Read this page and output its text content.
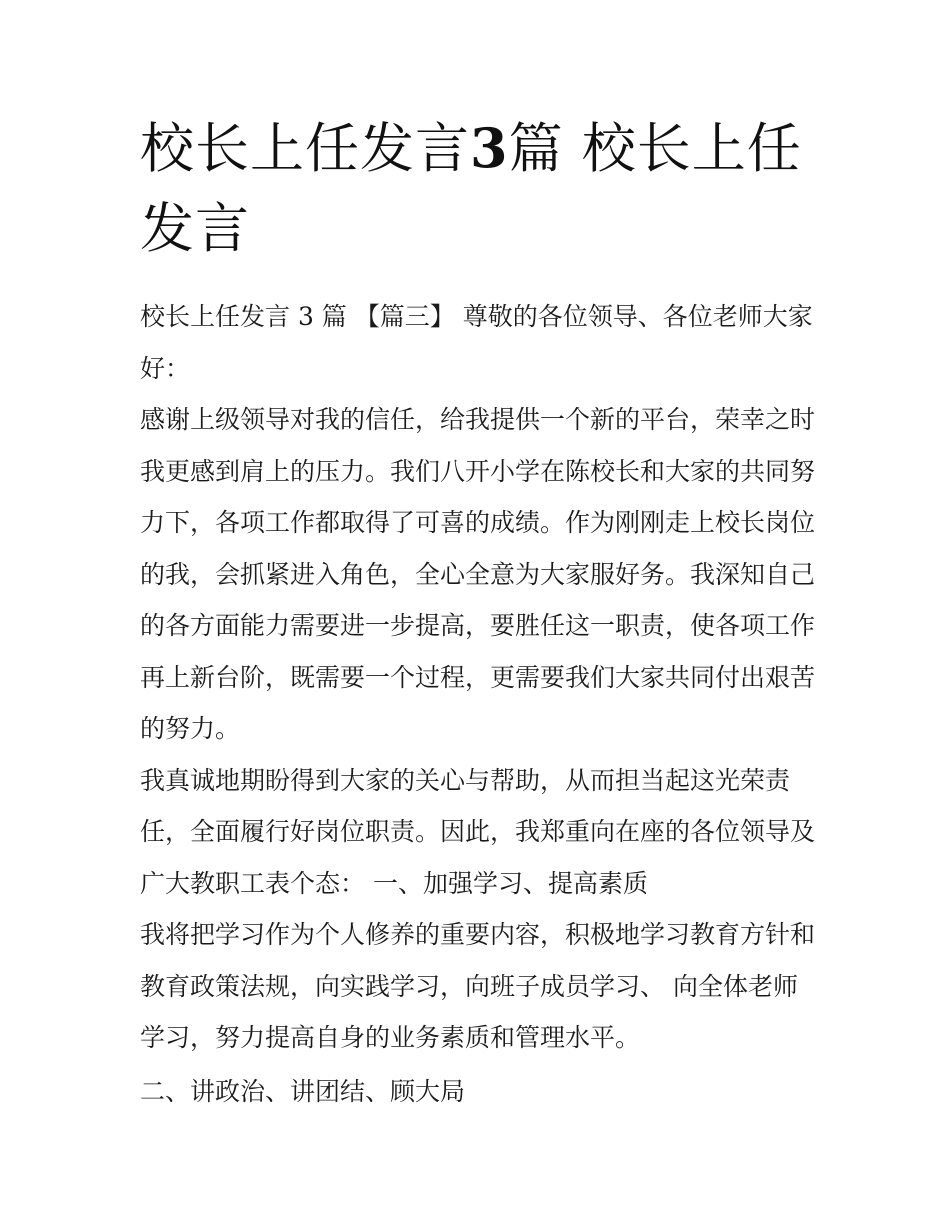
校长上任发言3篇 校长上任发言

校长上任发言 3 篇 【篇三】 尊敬的各位领导、各位老师大家好：

感谢上级领导对我的信任，给我提供一个新的平台，荣幸之时我更感到肩上的压力。我们八开小学在陈校长和大家的共同努力下，各项工作都取得了可喜的成绩。作为刚刚走上校长岗位的我，会抓紧进入角色，全心全意为大家服好务。我深知自己的各方面能力需要进一步提高，要胜任这一职责，使各项工作再上新台阶，既需要一个过程，更需要我们大家共同付出艰苦的努力。

我真诚地期盼得到大家的关心与帮助，从而担当起这光荣责任，全面履行好岗位职责。因此，我郑重向在座的各位领导及广大教职工表个态： 一、加强学习、提高素质

我将把学习作为个人修养的重要内容，积极地学习教育方针和教育政策法规，向实践学习，向班子成员学习、 向全体老师学习，努力提高自身的业务素质和管理水平。

二、讲政治、讲团结、顾大局
